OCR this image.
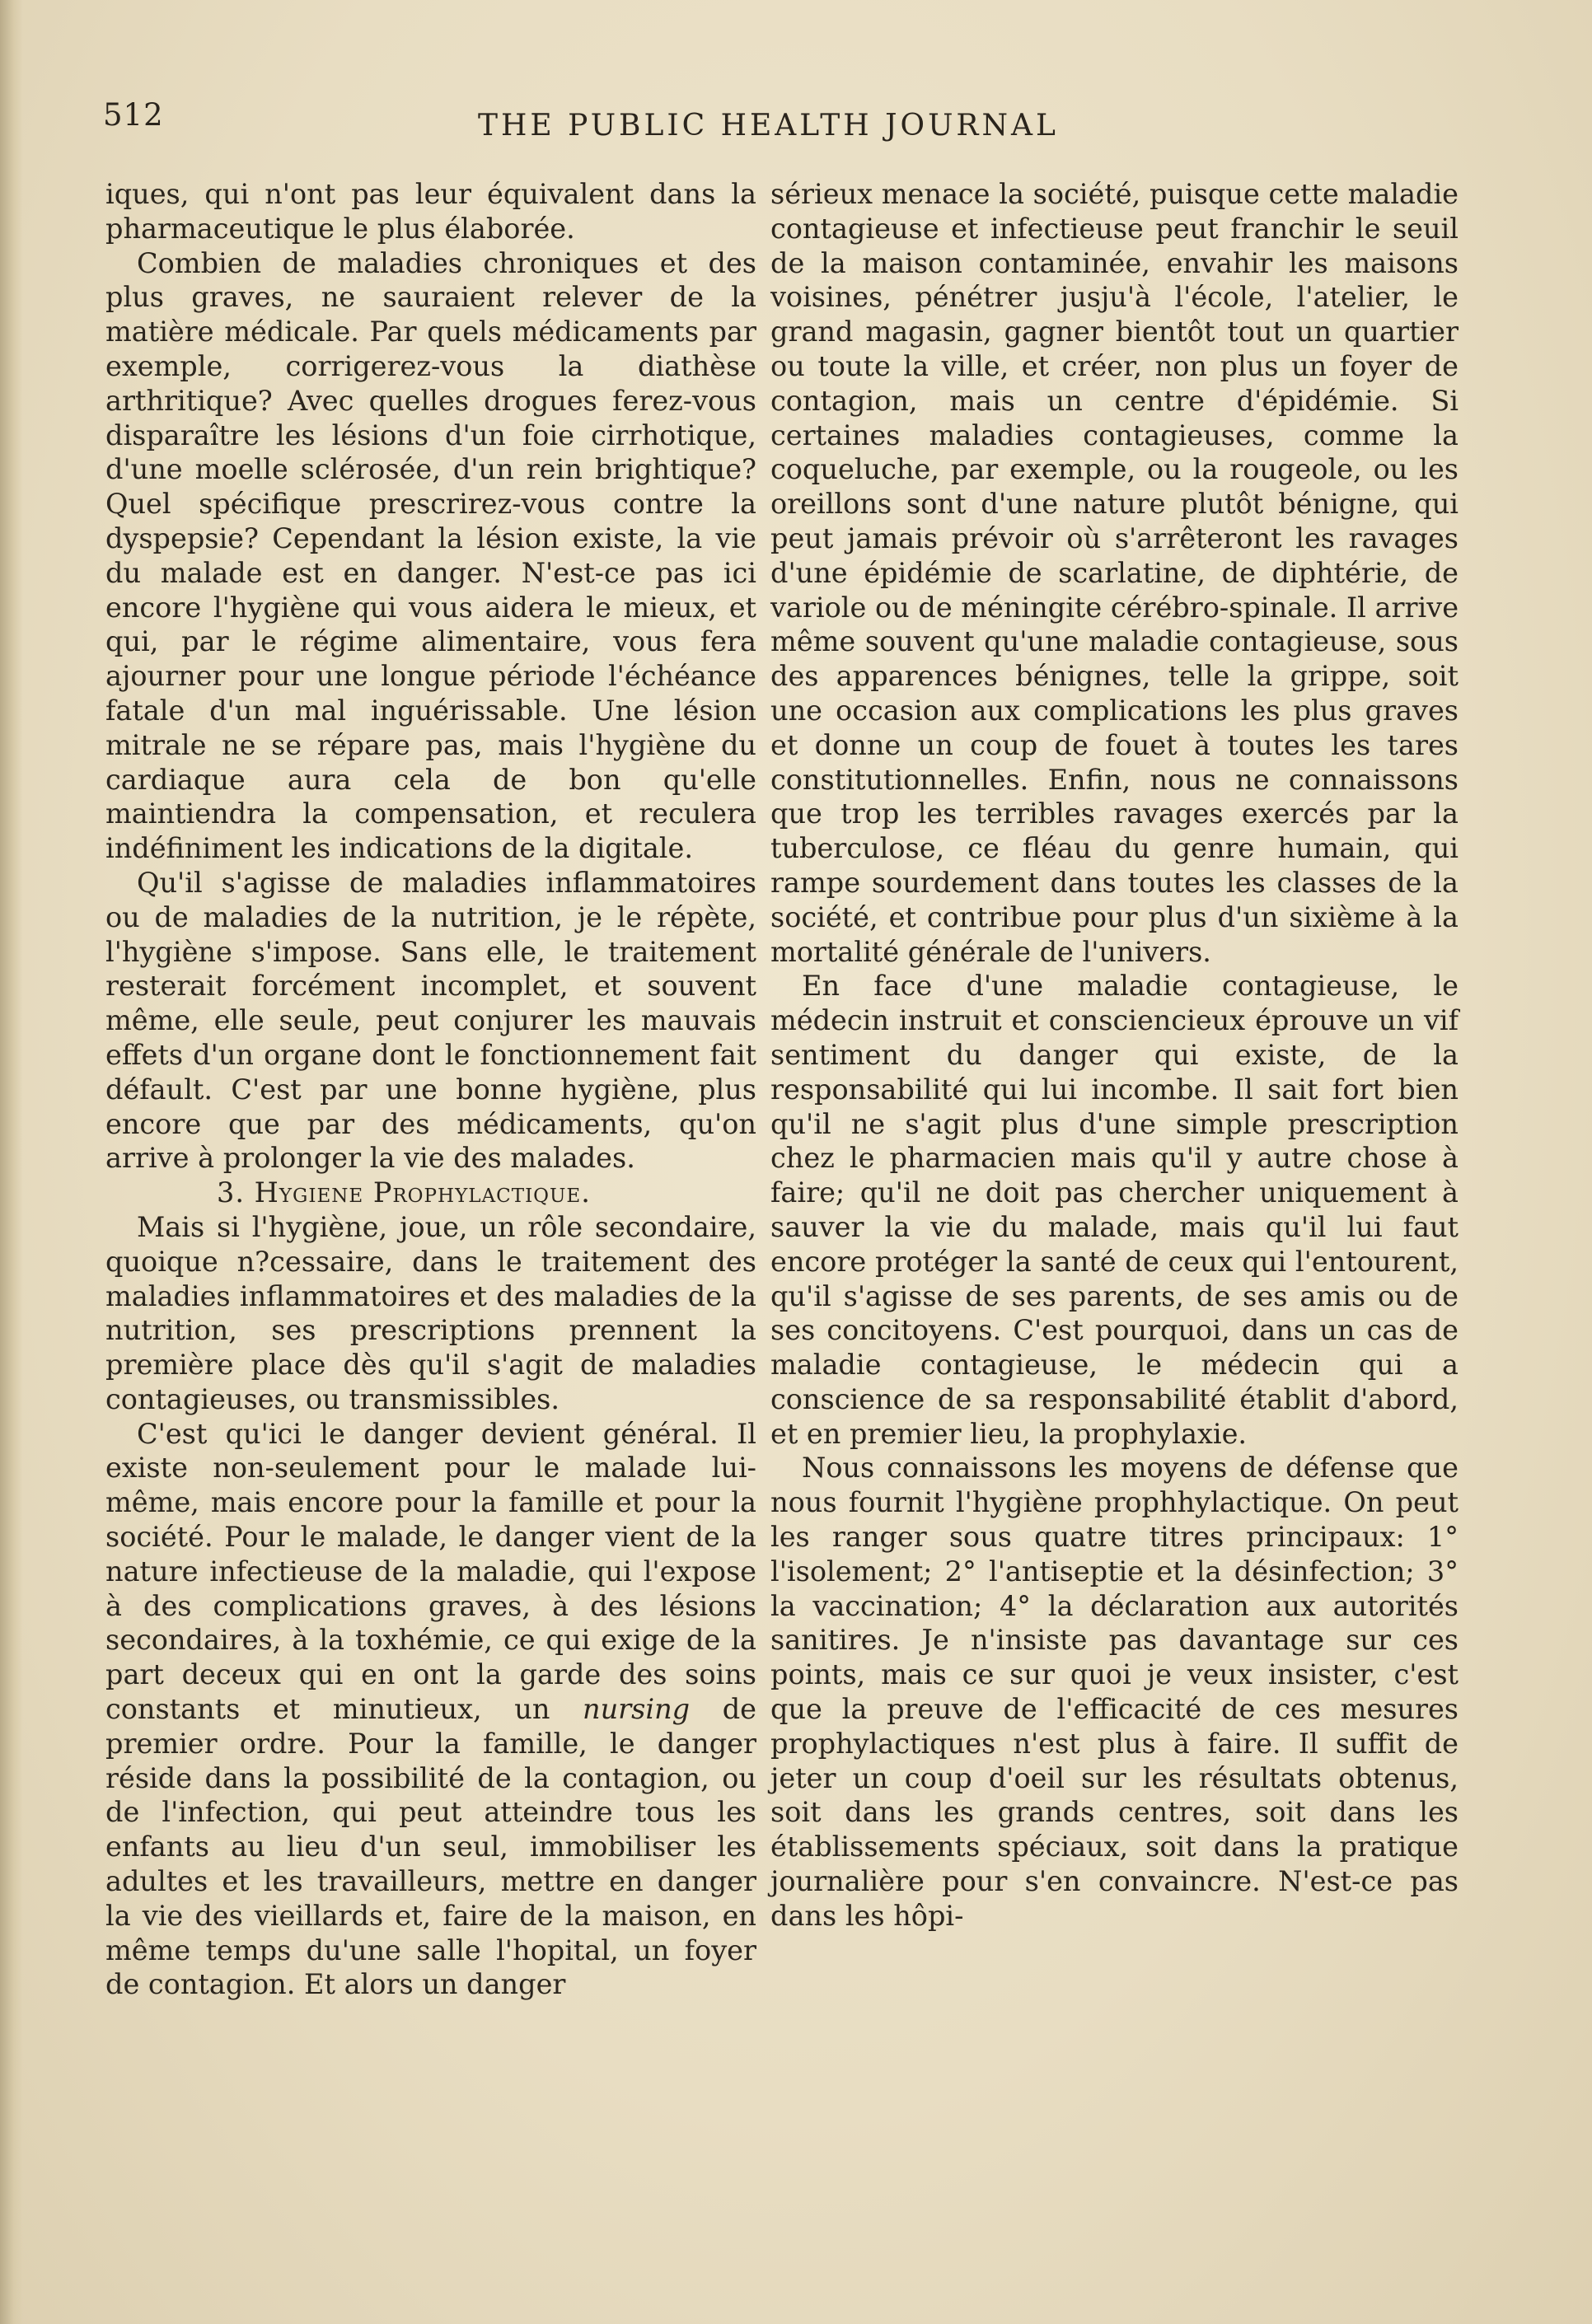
512	THE PUBLIC HEALTH JOURNAL

iques, qui n'ont pas leur équivalent dans la pharmaceutique le plus élaborée.

Combien de maladies chroniques et des plus graves, ne sauraient relever de la matière médicale. Par quels médicaments par exemple, corrigerez-vous la diathèse arthritique? Avec quelles drogues ferez-vous disparaître les lésions d'un foie cirrhotique, d'une moelle sclérosée, d'un rein brightique? Quel spécifique prescrirez-vous contre la dyspepsie? Cependant la lésion existe, la vie du malade est en danger. N'est-ce pas ici encore l'hygiène qui vous aidera le mieux, et qui, par le régime alimentaire, vous fera ajourner pour une longue période l'échéance fatale d'un mal inguérissable. Une lésion mitrale ne se répare pas, mais l'hygiène du cardiaque aura cela de bon qu'elle maintiendra la compensation, et reculera indéfiniment les indications de la digitale.

Qu'il s'agisse de maladies inflammatoires ou de maladies de la nutrition, je le répète, l'hygiène s'impose. Sans elle, le traitement resterait forcément incomplet, et souvent même, elle seule, peut conjurer les mauvais effets d'un organe dont le fonctionnement fait défault. C'est par une bonne hygiène, plus encore que par des médicaments, qu'on arrive à prolonger la vie des malades.

3. Hygiene Prophylactique.

Mais si l'hygiène, joue, un rôle secondaire, quoique n?cessaire, dans le traitement des maladies inflammatoires et des maladies de la nutrition, ses prescriptions prennent la première place dès qu'il s'agit de maladies contagieuses, ou transmissibles.

C'est qu'ici le danger devient général. Il existe non-seulement pour le malade lui-même, mais encore pour la famille et pour la société. Pour le malade, le danger vient de la nature infectieuse de la maladie, qui l'expose à des complications graves, à des lésions secondaires, à la toxhémie, ce qui exige de la part deceux qui en ont la garde des soins constants et minutieux, un nursing de premier ordre. Pour la famille, le danger réside dans la possibilité de la contagion, ou de l'infection, qui peut atteindre tous les enfants au lieu d'un seul, immobiliser les adultes et les travailleurs, mettre en danger la vie des vieillards et, faire de la maison, en même temps du'une salle l'hopital, un foyer de contagion. Et alors un danger

sérieux menace la société, puisque cette maladie contagieuse et infectieuse peut franchir le seuil de la maison contaminée, envahir les maisons voisines, pénétrer jusju'à l'école, l'atelier, le grand magasin, gagner bientôt tout un quartier ou toute la ville, et créer, non plus un foyer de contagion, mais un centre d'épidémie. Si certaines maladies contagieuses, comme la coqueluche, par exemple, ou la rougeole, ou les oreillons sont d'une nature plutôt bénigne, qui peut jamais prévoir où s'arrêteront les ravages d'une épidémie de scarlatine, de diphtérie, de variole ou de méningite cérébro-spinale. Il arrive même souvent qu'une maladie contagieuse, sous des apparences bénignes, telle la grippe, soit une occasion aux complications les plus graves et donne un coup de fouet à toutes les tares constitutionnelles. Enfin, nous ne connaissons que trop les terribles ravages exercés par la tuberculose, ce fléau du genre humain, qui rampe sourdement dans toutes les classes de la société, et contribue pour plus d'un sixième à la mortalité générale de l'univers.

En face d'une maladie contagieuse, le médecin instruit et consciencieux éprouve un vif sentiment du danger qui existe, de la responsabilité qui lui incombe. Il sait fort bien qu'il ne s'agit plus d'une simple prescription chez le pharmacien mais qu'il y autre chose à faire; qu'il ne doit pas chercher uniquement à sauver la vie du malade, mais qu'il lui faut encore protéger la santé de ceux qui l'entourent, qu'il s'agisse de ses parents, de ses amis ou de ses concitoyens. C'est pourquoi, dans un cas de maladie contagieuse, le médecin qui a conscience de sa responsabilité établit d'abord, et en premier lieu, la prophylaxie.

Nous connaissons les moyens de défense que nous fournit l'hygiène prophhylactique. On peut les ranger sous quatre titres principaux: 1° l'isolement; 2° l'antiseptie et la désinfection; 3° la vaccination; 4° la déclaration aux autorités sanitires. Je n'insiste pas davantage sur ces points, mais ce sur quoi je veux insister, c'est que la preuve de l'efficacité de ces mesures prophylactiques n'est plus à faire. Il suffit de jeter un coup d'oeil sur les résultats obtenus, soit dans les grands centres, soit dans les établissements spéciaux, soit dans la pratique journalière pour s'en convaincre. N'est-ce pas dans les hôpi-
